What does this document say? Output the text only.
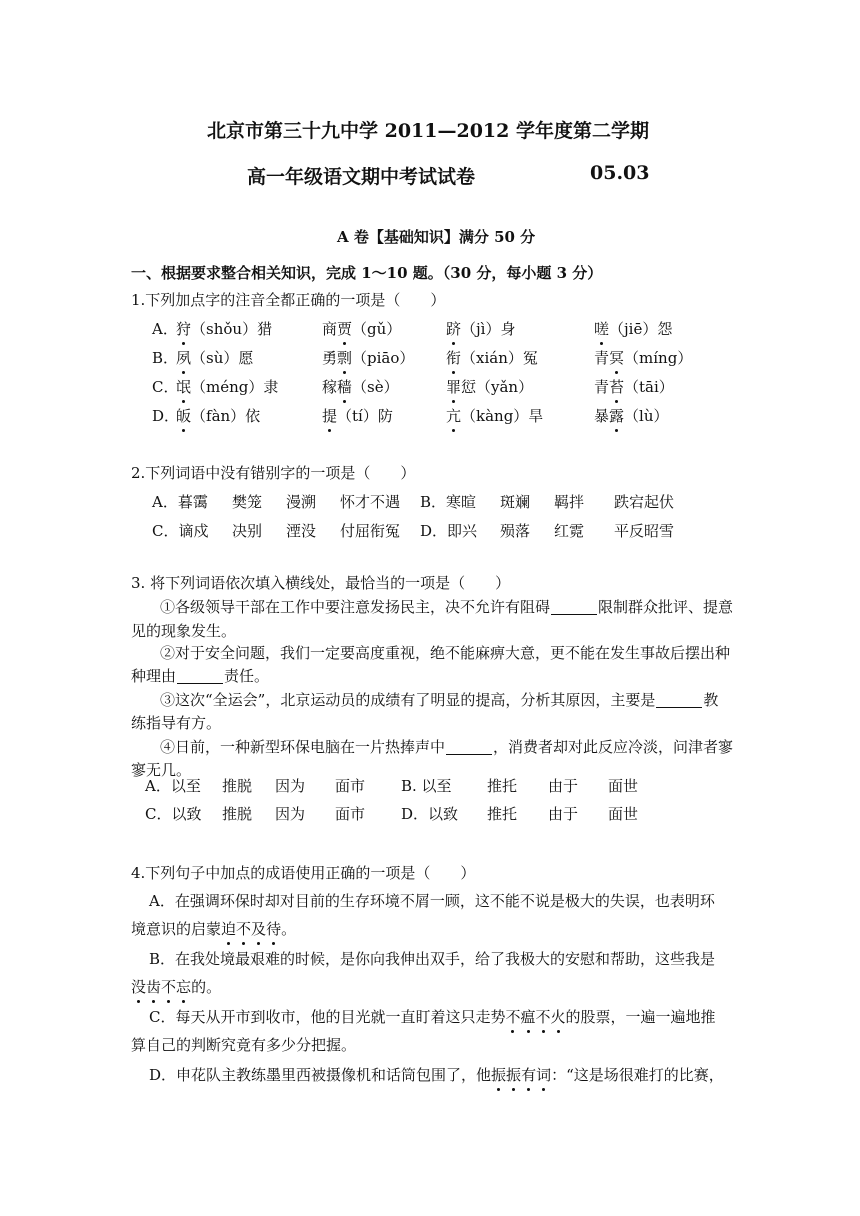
北京市第三十九中学 2011—2012 学年度第二学期
高一年级语文期中考试试卷	05.03
A 卷【基础知识】满分 50 分
一、根据要求整合相关知识，完成 1～10 题。（30 分，每小题 3 分）
1.下列加点字的注音全都正确的一项是（　　）
A．
狩（shǒu）猎	商贾（gǔ）	跻（jì）身	嗟（jiē）怨
B．
夙（sù）愿	勇剽（piāo） 衔（xián）冤	青冥（míng）
C．
氓（méng）隶	稼穑（sè）	罪愆（yǎn）	青苔（tāi）
D．
皈（fàn）依	提（tí）防	亢（kàng）旱	暴露（lù）
2.下列词语中没有错别字的一项是（　　）
A．暮霭 樊笼 漫溯 怀才不遇 B．寒暄 斑斓 羁拌 跌宕起伏
C．谪戍 决别 湮没 付屈衔冤 D．即兴 殒落 红霓 平反昭雪
3. 将下列词语依次填入横线处，最恰当的一项是（　　）
①各级领导干部在工作中要注意发扬民主，决不允许有阻碍	限制群众批评、提意
见的现象发生。
②对于安全问题，我们一定要高度重视，绝不能麻痹大意，更不能在发生事故后摆出种
种理由	责任。
③这次“全运会”，北京运动员的成绩有了明显的提高，分析其原因，主要是	教
练指导有方。
④日前，一种新型环保电脑在一片热捧声中	，消费者却对此反应冷淡，问津者寥
寥无几。
A．以至 推脱 因为 面市 B. 以至 推托 由于 面世
C．以致 推脱 因为 面市 D．以致 推托 由于 面世
4.下列句子中加点的成语使用正确的一项是（　　）
A．在强调环保时却对目前的生存环境不屑一顾，这不能不说是极大的失误，也表明环
境意识的启蒙迫不及待。
B．在我处境最艰难的时候，是你向我伸出双手，给了我极大的安慰和帮助，这些我是
没齿不忘的。
C．每天从开市到收市，他的目光就一直盯着这只走势不瘟不火的股票，一遍一遍地推
算自己的判断究竟有多少分把握。
D．申花队主教练墨里西被摄像机和话筒包围了，他振振有词：“这是场很难打的比赛，
